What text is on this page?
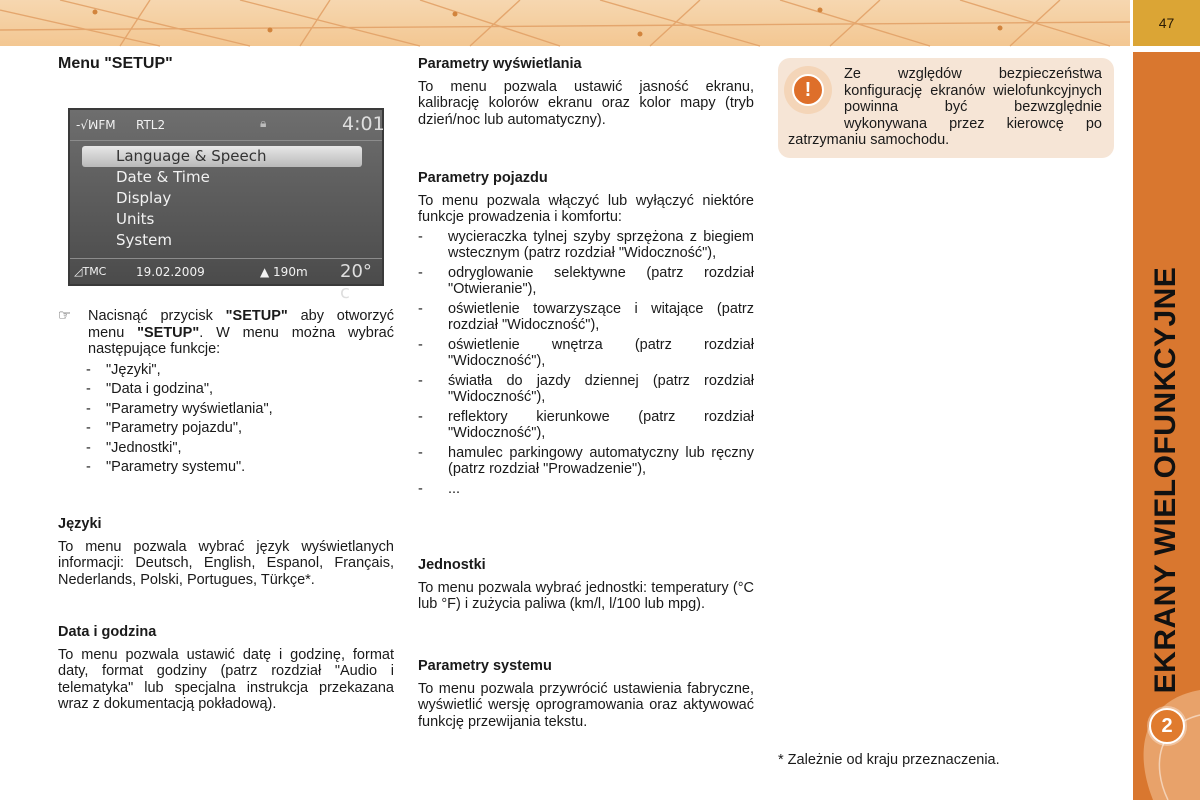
47
EKRANY WIELOFUNKCYJNE
2

Menu "SETUP"

-√ꟽFM RTL2	🔒︎	4:01
Language & Speech
Date & Time
Display
Units
System
◿TMC 19.02.2009	▲ 190m 20° c
☞	Nacisnąć przycisk "SETUP" aby otworzyć menu "SETUP". W menu można wybrać następujące funkcje:

-	"Języki",
-	"Data i godzina",
-	"Parametry wyświetlania",
-	"Parametry pojazdu",
-	"Jednostki",
-	"Parametry systemu".

Języki

To menu pozwala wybrać język wyświetlanych informacji: Deutsch, English, Espanol, Français, Nederlands, Polski, Portugues, Türkçe*.

Data i godzina

To menu pozwala ustawić datę i godzinę, format daty, format godziny (patrz rozdział "Audio i telematyka" lub specjalna instrukcja przekazana wraz z dokumentacją pokładową).

Parametry wyświetlania

To menu pozwala ustawić jasność ekranu, kalibrację kolorów ekranu oraz kolor mapy (tryb dzień/noc lub automatyczny).

Parametry pojazdu

To menu pozwala włączyć lub wyłączyć niektóre funkcje prowadzenia i komfortu:

-	wycieraczka tylnej szyby sprzężona z biegiem wstecznym (patrz rozdział "Widoczność"),
-	odryglowanie selektywne (patrz rozdział "Otwieranie"),
-	oświetlenie towarzyszące i witające (patrz rozdział "Widoczność"),
-	oświetlenie wnętrza (patrz rozdział "Widoczność"),
-	światła do jazdy dziennej (patrz rozdział "Widoczność"),
-	reflektory kierunkowe (patrz rozdział "Widoczność"),
-	hamulec parkingowy automatyczny lub ręczny (patrz rozdział "Prowadzenie"),
-	...

Jednostki

To menu pozwala wybrać jednostki: temperatury (°C lub °F) i zużycia paliwa (km/l, l/100 lub mpg).

Parametry systemu

To menu pozwala przywrócić ustawienia fabryczne, wyświetlić wersję oprogramowania oraz aktywować funkcję przewijania tekstu.

!
Ze względów bezpieczeństwa konfigurację ekranów wielofunkcyjnych powinna być bezwzględnie wykonywana przez kierowcę po zatrzymaniu samochodu.
* Zależnie od kraju przeznaczenia.
